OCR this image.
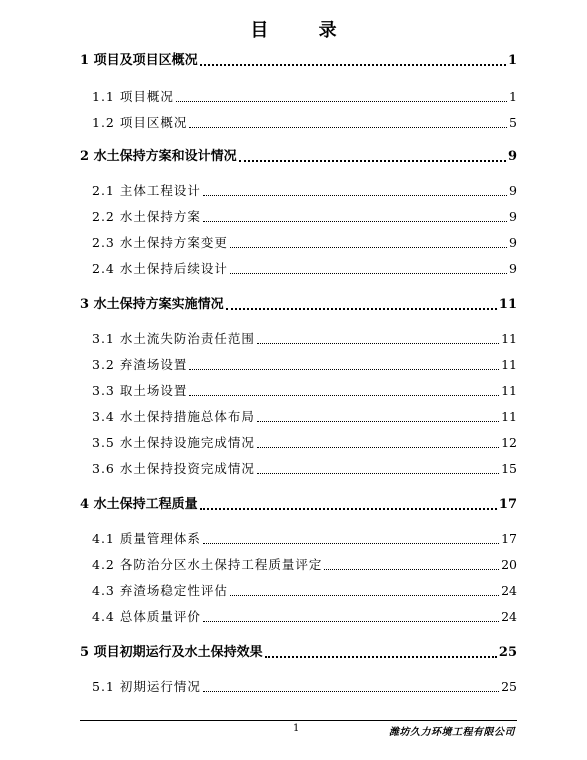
目 录
1 项目及项目区概况	1
1.1 项目概况	1
1.2 项目区概况	5
2 水土保持方案和设计情况	9
2.1 主体工程设计	9
2.2 水土保持方案	9
2.3 水土保持方案变更	9
2.4 水土保持后续设计	9
3 水土保持方案实施情况	11
3.1 水土流失防治责任范围	11
3.2 弃渣场设置	11
3.3 取土场设置	11
3.4 水土保持措施总体布局	11
3.5 水土保持设施完成情况	12
3.6 水土保持投资完成情况	15
4 水土保持工程质量	17
4.1 质量管理体系	17
4.2 各防治分区水土保持工程质量评定	20
4.3 弃渣场稳定性评估	24
4.4 总体质量评价	24
5 项目初期运行及水土保持效果	25
5.1 初期运行情况	25
1	潍坊久力环境工程有限公司
